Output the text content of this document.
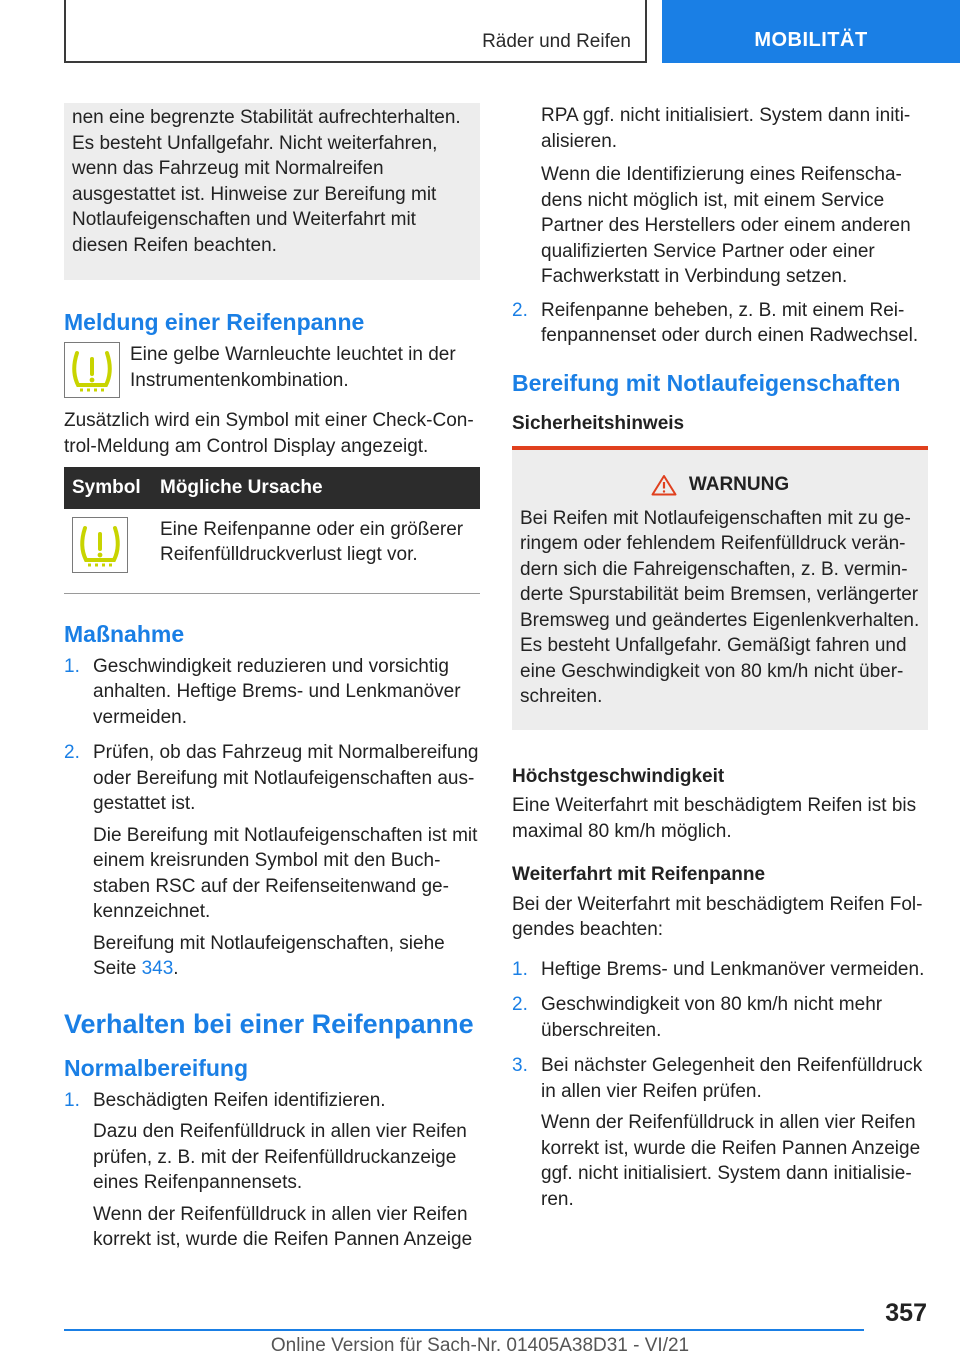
Räder und Reifen	MOBILITÄT
nen eine begrenzte Stabilität aufrechterhalten. Es besteht Unfallgefahr. Nicht weiterfahren, wenn das Fahrzeug mit Normalreifen ausgestattet ist. Hinweise zur Bereifung mit Notlaufeigenschaften und Weiterfahrt mit diesen Reifen beachten.
Meldung einer Reifenpanne
Eine gelbe Warnleuchte leuchtet in der Instrumentenkombination.

Zusätzlich wird ein Symbol mit einer Check-Control-Meldung am Control Display angezeigt.

Symbol	Mögliche Ursache

	Eine Reifenpanne oder ein größerer Reifenfülldruckverlust liegt vor.
Maßnahme
1. Geschwindigkeit reduzieren und vorsichtig anhalten. Heftige Brems- und Lenkmanöver vermeiden.

2. Prüfen, ob das Fahrzeug mit Normalbereifung oder Bereifung mit Notlaufeigenschaften ausgestattet ist.

Die Bereifung mit Notlaufeigenschaften ist mit einem kreisrunden Symbol mit den Buchstaben RSC auf der Reifenseitenwand gekennzeichnet.

Bereifung mit Notlaufeigenschaften, siehe Seite 343.

Verhalten bei einer Reifenpanne
Normalbereifung
1. Beschädigten Reifen identifizieren.

Dazu den Reifenfülldruck in allen vier Reifen prüfen, z. B. mit der Reifenfülldruckanzeige eines Reifenpannensets.

Wenn der Reifenfülldruck in allen vier Reifen korrekt ist, wurde die Reifen Pannen Anzeige

RPA ggf. nicht initialisiert. System dann initialisieren.

Wenn die Identifizierung eines Reifenschadens nicht möglich ist, mit einem Service Partner des Herstellers oder einem anderen qualifizierten Service Partner oder einer Fachwerkstatt in Verbindung setzen.

2. Reifenpanne beheben, z. B. mit einem Reifenpannenset oder durch einen Radwechsel.

Bereifung mit Notlaufeigenschaften
Sicherheitshinweis
WARNUNG
Bei Reifen mit Notlaufeigenschaften mit zu geringem oder fehlendem Reifenfülldruck verändern sich die Fahreigenschaften, z. B. verminderte Spurstabilität beim Bremsen, verlängerter Bremsweg und geändertes Eigenlenkverhalten. Es besteht Unfallgefahr. Gemäßigt fahren und eine Geschwindigkeit von 80 km/h nicht überschreiten.
Höchstgeschwindigkeit

Eine Weiterfahrt mit beschädigtem Reifen ist bis maximal 80 km/h möglich.

Weiterfahrt mit Reifenpanne

Bei der Weiterfahrt mit beschädigtem Reifen Folgendes beachten:

1. Heftige Brems- und Lenkmanöver vermeiden.

2. Geschwindigkeit von 80 km/h nicht mehr überschreiten.

3. Bei nächster Gelegenheit den Reifenfülldruck in allen vier Reifen prüfen.

Wenn der Reifenfülldruck in allen vier Reifen korrekt ist, wurde die Reifen Pannen Anzeige ggf. nicht initialisiert. System dann initialisieren.

357
Online Version für Sach-Nr. 01405A38D31 - VI/21
